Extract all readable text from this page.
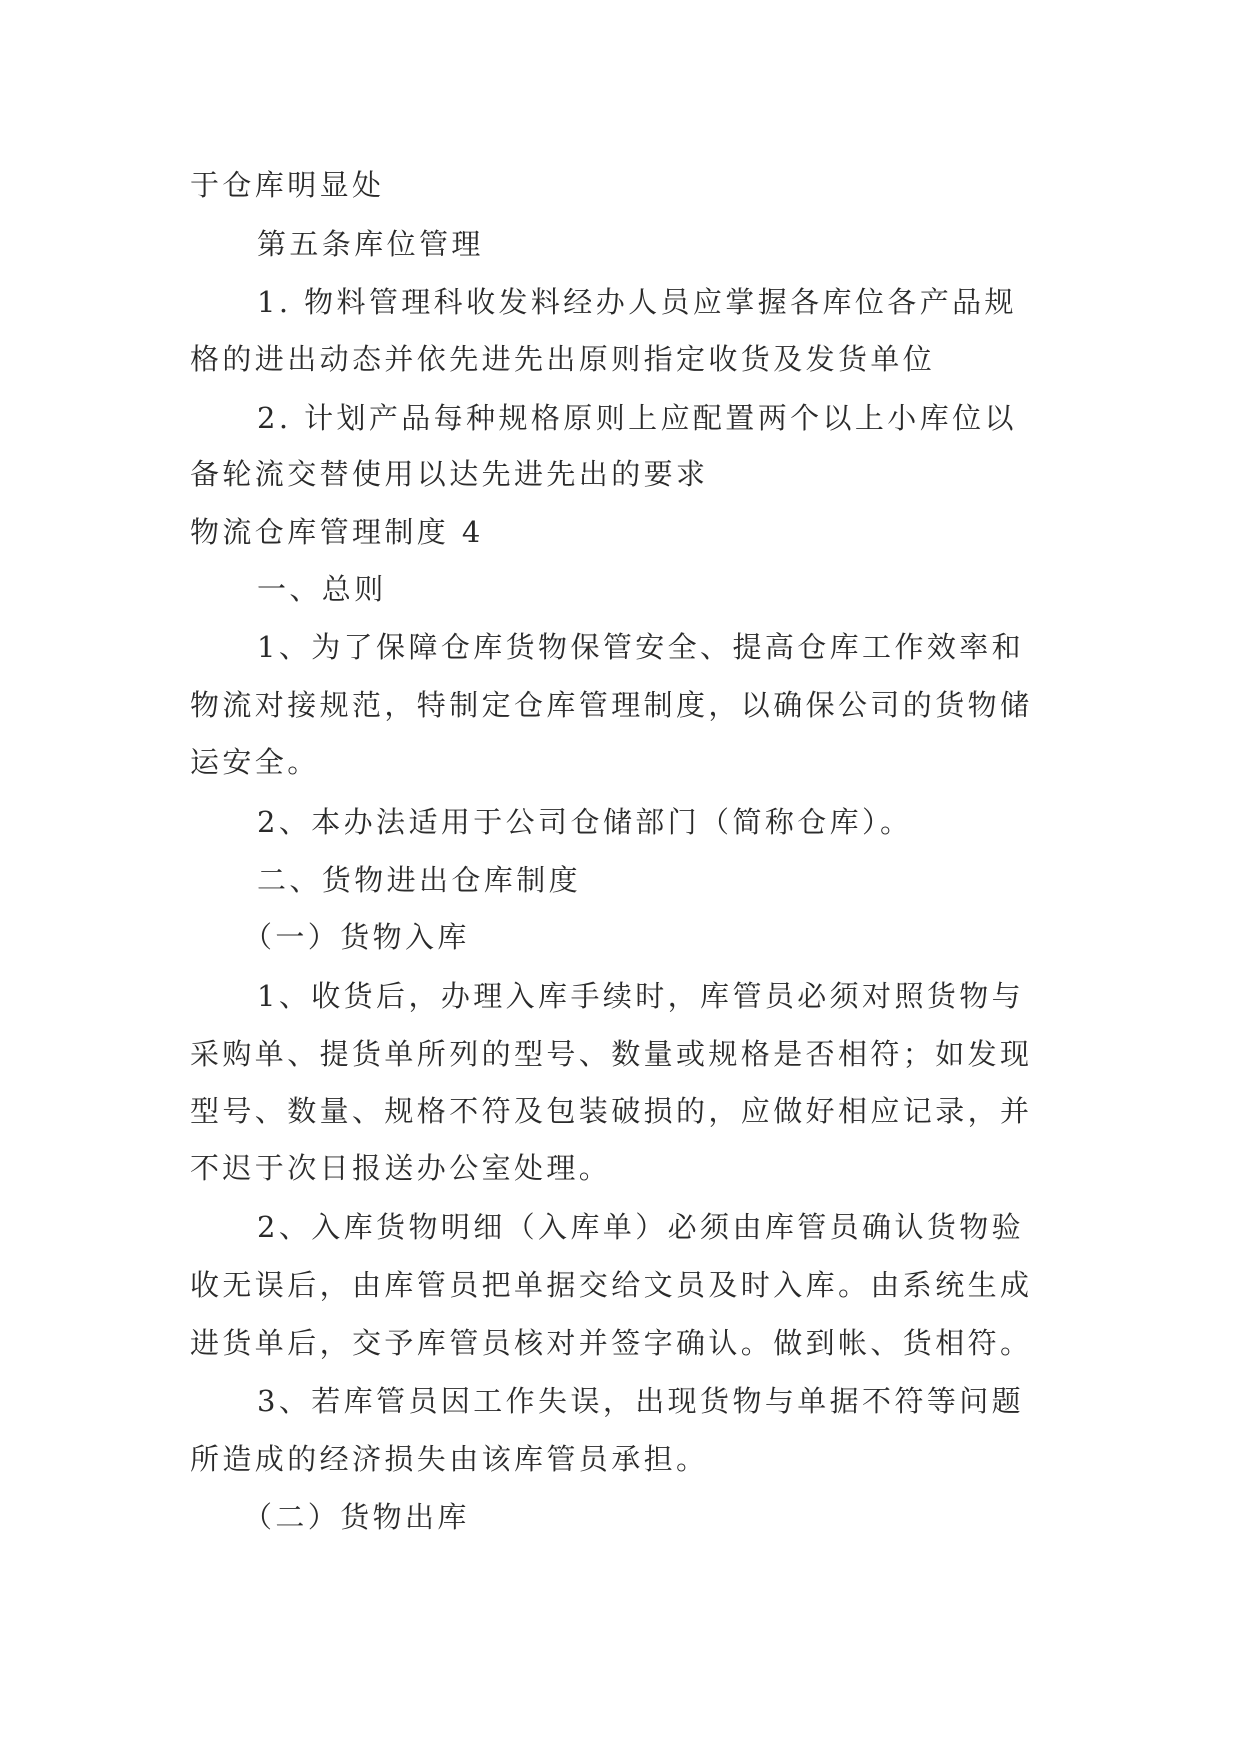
于仓库明显处

第五条库位管理

1. 物料管理科收发料经办人员应掌握各库位各产品规

格的进出动态并依先进先出原则指定收货及发货单位

2. 计划产品每种规格原则上应配置两个以上小库位以

备轮流交替使用以达先进先出的要求

物流仓库管理制度 4

一、总则

1、为了保障仓库货物保管安全、提高仓库工作效率和

物流对接规范，特制定仓库管理制度，以确保公司的货物储

运安全。

2、本办法适用于公司仓储部门（简称仓库）。

二、货物进出仓库制度

（一）货物入库

1、收货后，办理入库手续时，库管员必须对照货物与

采购单、提货单所列的型号、数量或规格是否相符；如发现

型号、数量、规格不符及包装破损的，应做好相应记录，并

不迟于次日报送办公室处理。

2、入库货物明细（入库单）必须由库管员确认货物验

收无误后，由库管员把单据交给文员及时入库。由系统生成

进货单后，交予库管员核对并签字确认。做到帐、货相符。

3、若库管员因工作失误，出现货物与单据不符等问题

所造成的经济损失由该库管员承担。

（二）货物出库
